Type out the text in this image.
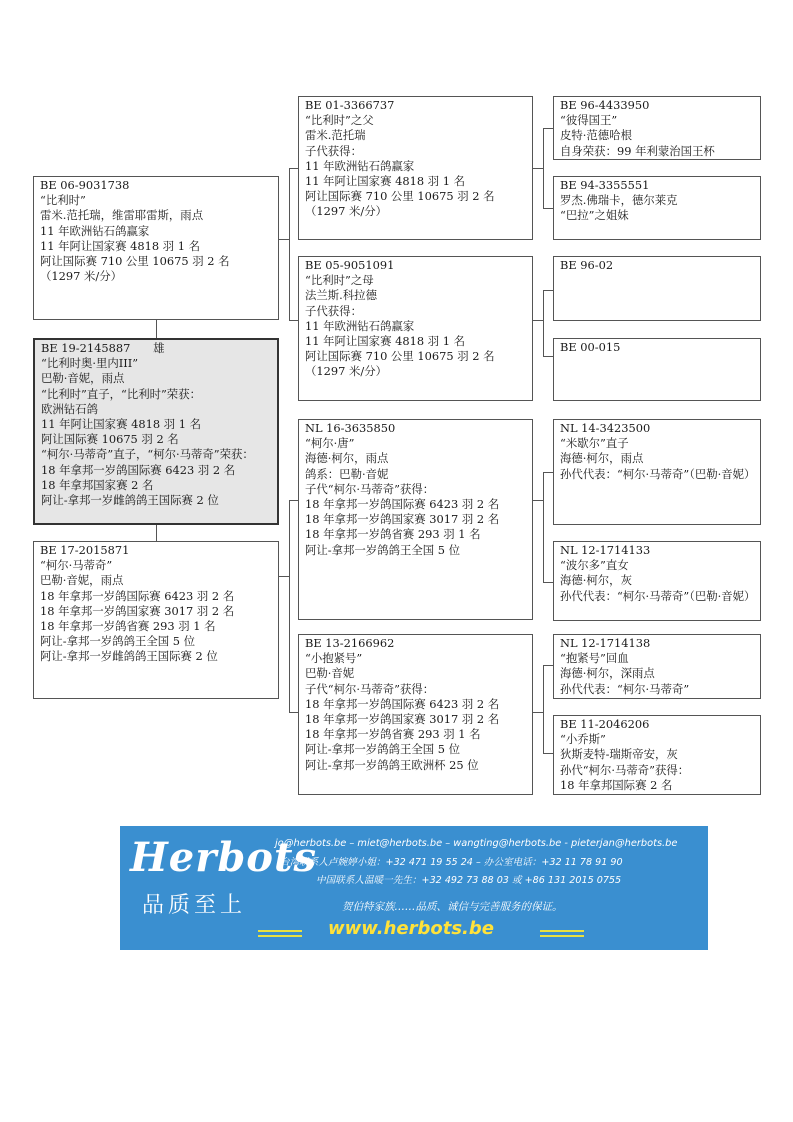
BE 06-9031738
“比利时”
雷米.范托瑞，维雷耶雷斯，雨点
11 年欧洲钻石鸽赢家
11 年阿让国家赛 4818 羽 1 名
阿让国际赛 710 公里 10675 羽 2 名
（1297 米/分）
BE 19-2145887　　雄
“比利时奥·里内III”
巴勒·音妮，雨点
“比利时”直子，“比利时”荣获：
欧洲钻石鸽
11 年阿让国家赛 4818 羽 1 名
阿让国际赛 10675 羽 2 名
“柯尔·马蒂奇”直子，“柯尔·马蒂奇”荣获：
18 年拿邦一岁鸽国际赛 6423 羽 2 名
18 年拿邦国家赛 2 名
阿让-拿邦一岁雌鸽鸽王国际赛 2 位
BE 17-2015871
“柯尔·马蒂奇”
巴勒·音妮，雨点
18 年拿邦一岁鸽国际赛 6423 羽 2 名
18 年拿邦一岁鸽国家赛 3017 羽 2 名
18 年拿邦一岁鸽省赛 293 羽 1 名
阿让-拿邦一岁鸽鸽王全国 5 位
阿让-拿邦一岁雌鸽鸽王国际赛 2 位
BE 01-3366737
“比利时”之父
雷米.范托瑞
子代获得：
11 年欧洲钻石鸽赢家
11 年阿让国家赛 4818 羽 1 名
阿让国际赛 710 公里 10675 羽 2 名
（1297 米/分）
BE 05-9051091
“比利时”之母
法兰斯.科拉德
子代获得：
11 年欧洲钻石鸽赢家
11 年阿让国家赛 4818 羽 1 名
阿让国际赛 710 公里 10675 羽 2 名
（1297 米/分）
NL 16-3635850
“柯尔·唐”
海德·柯尔，雨点
鸽系：巴勒·音妮
子代“柯尔·马蒂奇”获得：
18 年拿邦一岁鸽国际赛 6423 羽 2 名
18 年拿邦一岁鸽国家赛 3017 羽 2 名
18 年拿邦一岁鸽省赛 293 羽 1 名
阿让-拿邦一岁鸽鸽王全国 5 位
BE 13-2166962
“小抱紧号”
巴勒·音妮
子代“柯尔·马蒂奇”获得：
18 年拿邦一岁鸽国际赛 6423 羽 2 名
18 年拿邦一岁鸽国家赛 3017 羽 2 名
18 年拿邦一岁鸽省赛 293 羽 1 名
阿让-拿邦一岁鸽鸽王全国 5 位
阿让-拿邦一岁鸽鸽王欧洲杯 25 位
BE 96-4433950
“彼得国王”
皮特·范德哈根
自身荣获：99 年利蒙治国王杯
BE 94-3355551
罗杰.佛瑞卡，德尔莱克
“巴拉”之姐妹
BE 96-02
BE 00-015
NL 14-3423500
“米歇尔”直子
海德·柯尔，雨点
孙代代表：“柯尔·马蒂奇”（巴勒·音妮）
NL 12-1714133
“波尔多”直女
海德·柯尔，灰
孙代代表：“柯尔·马蒂奇”（巴勒·音妮）
NL 12-1714138
“抱紧号”回血
海德·柯尔，深雨点
孙代代表：“柯尔·马蒂奇”
BE 11-2046206
“小乔斯”
狄斯麦特-瑞斯帝安，灰
孙代“柯尔·马蒂奇”获得：
18 年拿邦国际赛 2 名
Herbots
品质至上
jo@herbots.be – miet@herbots.be – wangting@herbots.be - pieterjan@herbots.be
台湾联系人卢婉婷小姐：+32 471 19 55 24 – 办公室电话：+32 11 78 91 90
中国联系人温暖一先生：+32 492 73 88 03 或 +86 131 2015 0755
贺伯特家族……品质、诚信与完善服务的保证。
www.herbots.be
